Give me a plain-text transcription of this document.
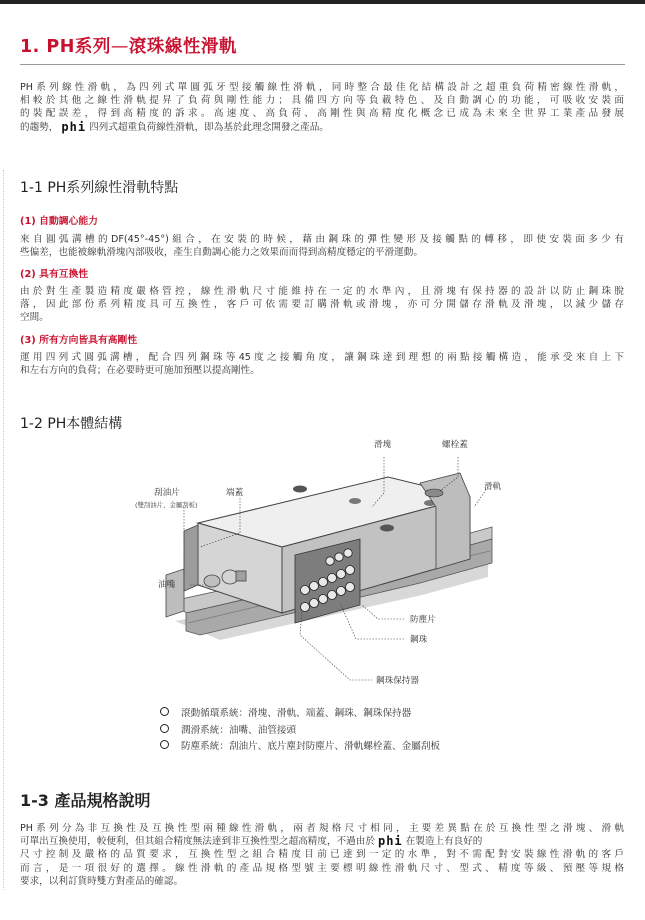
1. PH系列—滾珠線性滑軌
PH系列線性滑軌，為四列式單圓弧牙型接觸線性滑軌，同時整合最佳化結構設計之超重負荷精密線性滑軌，
相較於其他之線性滑軌提昇了負荷與剛性能力；具備四方向等負載特色、及自動調心的功能，可吸收安裝面
的裝配誤差，得到高精度的訴求。高速度、高負荷、高剛性與高精度化概念已成為未來全世界工業產品發展
的趨勢， phi 四列式超重負荷線性滑軌，即為基於此理念開發之產品。
1-1 PH系列線性滑軌特點
(1) 自動調心能力
來自圓弧溝槽的DF(45°-45°)組合，在安裝的時候，藉由鋼珠的彈性變形及接觸點的轉移，即使安裝面多少有
些偏差，也能被線軌滑塊內部吸收，產生自動調心能力之效果而而得到高精度穩定的平滑運動。
(2) 具有互換性
由於對生產製造精度嚴格管控，線性滑軌尺寸能維持在一定的水準內，且滑塊有保持器的設計以防止鋼珠脫
落，因此部份系列精度具可互換性，客戶可依需要訂購滑軌或滑塊，亦可分開儲存滑軌及滑塊，以減少儲存
空間。
(3) 所有方向皆具有高剛性
運用四列式圓弧溝槽，配合四列鋼珠等45度之接觸角度，讓鋼珠達到理想的兩點接觸構造，能承受來自上下
和左右方向的負荷；在必要時更可施加預壓以提高剛性。
1-2 PH本體結構
滑塊	螺栓蓋
滑軌
刮油片
(雙刮油片、金屬刮板)
端蓋
油嘴
防塵片
鋼珠
鋼珠保持器
滾動循環系統：滑塊、滑軌、端蓋、鋼珠、鋼珠保持器
潤滑系統：油嘴、油管接頭
防塵系統：刮油片、底片塵封防塵片、滑軌螺栓蓋、金屬刮板
1-3 產品規格說明
PH系列分為非互換性及互換性型兩種線性滑軌，兩者規格尺寸相同，主要差異點在於互換性型之滑塊、滑軌
可單出互換使用，較便利，但其組合精度無法達到非互換性型之超高精度，不過由於 phi 在製造上有良好的
尺寸控制及嚴格的品質要求，互換性型之組合精度目前已達到一定的水準，對不需配對安裝線性滑軌的客戶
而言，是一項很好的選擇。線性滑軌的產品規格型號主要標明線性滑軌尺寸、型式、精度等級、預壓等規格
要求，以利訂貨時雙方對產品的確認。
